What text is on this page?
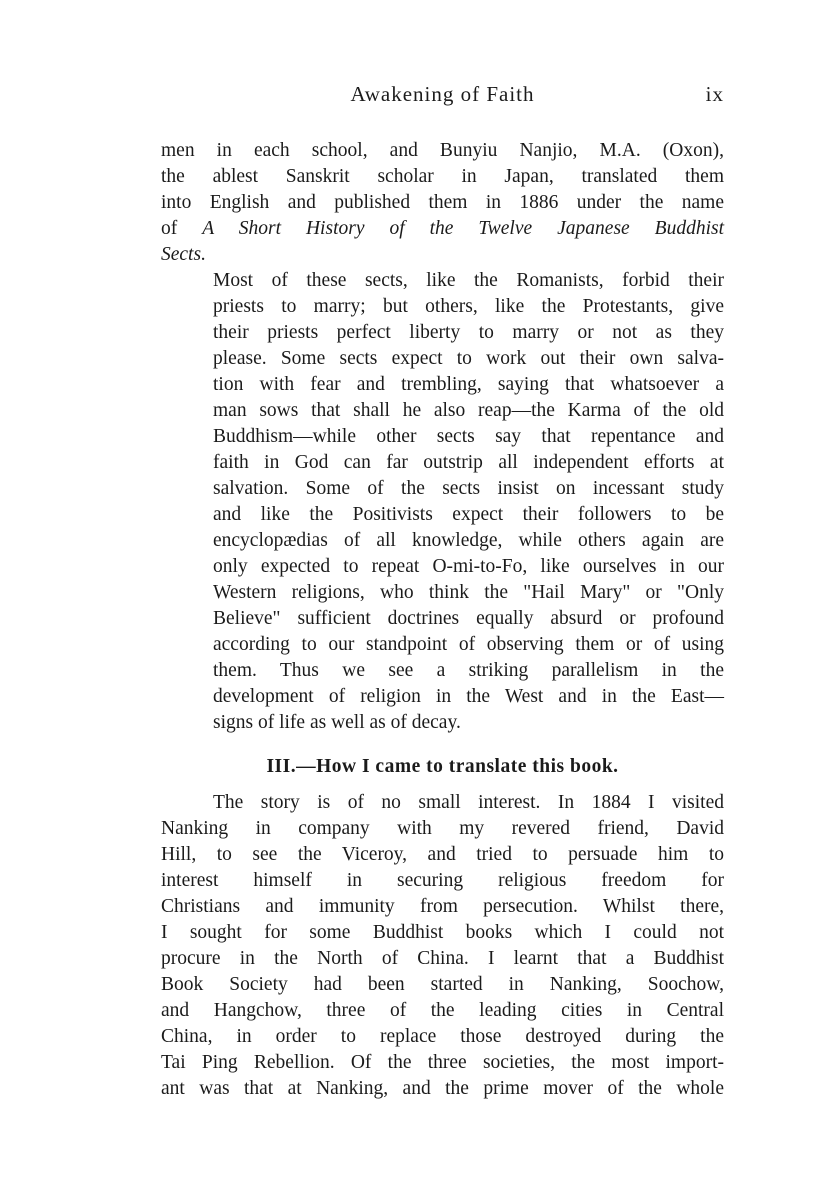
Awakening of Faith	ix

men in each school, and Bunyiu Nanjio, M.A. (Oxon),
the ablest Sanskrit scholar in Japan, translated them
into English and published them in 1886 under the name
of A Short History of the Twelve Japanese Buddhist
Sects.

Most of these sects, like the Romanists, forbid their
priests to marry; but others, like the Protestants, give
their priests perfect liberty to marry or not as they
please. Some sects expect to work out their own salva-
tion with fear and trembling, saying that whatsoever a
man sows that shall he also reap—the Karma of the old
Buddhism—while other sects say that repentance and
faith in God can far outstrip all independent efforts at
salvation. Some of the sects insist on incessant study
and like the Positivists expect their followers to be
encyclopædias of all knowledge, while others again are
only expected to repeat O-mi-to-Fo, like ourselves in our
Western religions, who think the "Hail Mary" or "Only
Believe" sufficient doctrines equally absurd or profound
according to our standpoint of observing them or of using
them. Thus we see a striking parallelism in the
development of religion in the West and in the East—
signs of life as well as of decay.

III.—How I came to translate this book.

The story is of no small interest. In 1884 I visited
Nanking in company with my revered friend, David
Hill, to see the Viceroy, and tried to persuade him to
interest himself in securing religious freedom for
Christians and immunity from persecution. Whilst there,
I sought for some Buddhist books which I could not
procure in the North of China. I learnt that a Buddhist
Book Society had been started in Nanking, Soochow,
and Hangchow, three of the leading cities in Central
China, in order to replace those destroyed during the
Tai Ping Rebellion. Of the three societies, the most import-
ant was that at Nanking, and the prime mover of the whole
